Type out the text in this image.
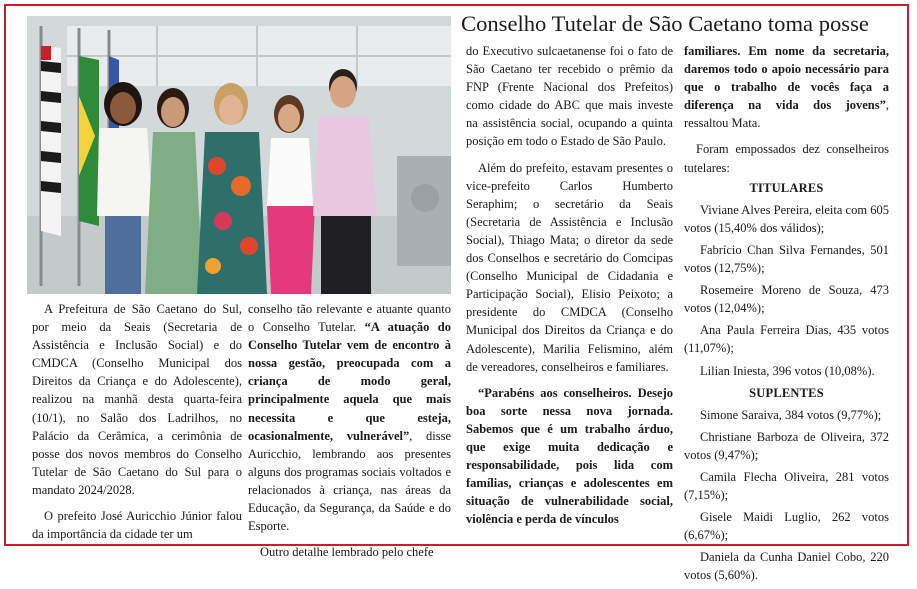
Conselho Tutelar de São Caetano toma posse

A Prefeitura de São Caetano do Sul, por meio da Seais (Secretaria de Assistência e Inclusão Social) e do CMDCA (Conselho Municipal dos Direitos da Criança e do Adolescente), realizou na manhã desta quarta-feira (10/1), no Salão dos Ladrilhos, no Palácio da Cerâmica, a cerimônia de posse dos novos membros do Conselho Tutelar de São Caetano do Sul para o mandato 2024/2028.

O prefeito José Auricchio Júnior falou da importância da cidade ter um

conselho tão relevante e atuante quanto o Conselho Tutelar. “A atuação do Conselho Tutelar vem de encontro à nossa gestão, preocupada com a criança de modo geral, principalmente aquela que mais necessita e que esteja, ocasionalmente, vulnerável”, disse Auricchio, lembrando aos presentes alguns dos programas sociais voltados e relacionados à criança, nas áreas da Educação, da Segurança, da Saúde e do Esporte.

Outro detalhe lembrado pelo chefe

do Executivo sulcaetanense foi o fato de São Caetano ter recebido o prêmio da FNP (Frente Nacional dos Prefeitos) como cidade do ABC que mais investe na assistência social, ocupando a quinta posição em todo o Estado de São Paulo.

Além do prefeito, estavam presentes o vice-prefeito Carlos Humberto Seraphim; o secretário da Seais (Secretaria de Assistência e Inclusão Social), Thiago Mata; o diretor da sede dos Conselhos e secretário do Comcipas (Conselho Municipal de Cidadania e Participação Social), Elisio Peixoto; a presidente do CMDCA (Conselho Municipal dos Direitos da Criança e do Adolescente), Marilia Felismino, além de vereadores, conselheiros e familiares.

“Parabéns aos conselheiros. Desejo boa sorte nessa nova jornada. Sabemos que é um trabalho árduo, que exige muita dedicação e responsabilidade, pois lida com famílias, crianças e adolescentes em situação de vulnerabilidade social, violência e perda de vínculos

familiares. Em nome da secretaria, daremos todo o apoio necessário para que o trabalho de vocês faça a diferença na vida dos jovens”, ressaltou Mata.

Foram empossados dez conselheiros tutelares:

TITULARES
Viviane Alves Pereira, eleita com 605 votos (15,40% dos válidos);
Fabrício Chan Silva Fernandes, 501 votos (12,75%);
Rosemeire Moreno de Souza, 473 votos (12,04%);
Ana Paula Ferreira Dias, 435 votos (11,07%);
Lilian Iniesta, 396 votos (10,08%).
SUPLENTES
Simone Saraiva, 384 votos (9,77%);
Christiane Barboza de Oliveira, 372 votos (9,47%);
Camila Flecha Oliveira, 281 votos (7,15%);
Gisele Maidi Luglio, 262 votos (6,67%);
Daniela da Cunha Daniel Cobo, 220 votos (5,60%).
